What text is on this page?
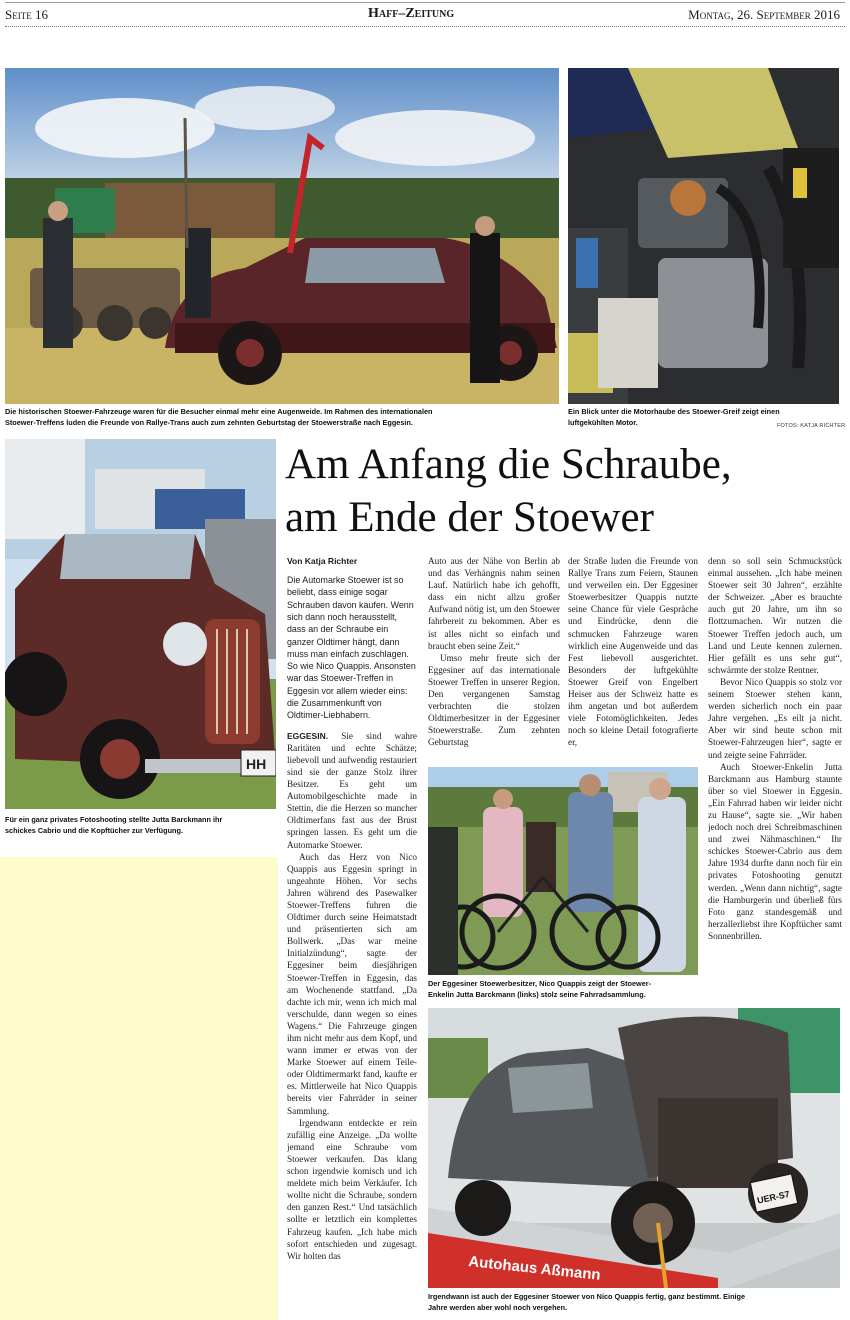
Seite 16	Haff–Zeitung	Montag, 26. September 2016
Die historischen Stoewer-Fahrzeuge waren für die Besucher einmal mehr eine Augenweide. Im Rahmen des internationalen
Stoewer-Treffens luden die Freunde von Rallye-Trans auch zum zehnten Geburtstag der Stoewerstraße nach Eggesin.
Ein Blick unter die Motorhaube des Stoewer-Greif zeigt einen
luftgekühlten Motor.	FOTOS: KATJA RICHTER
HH
Für ein ganz privates Fotoshooting stellte Jutta Barckmann ihr
schickes Cabrio und die Kopftücher zur Verfügung.
Am Anfang die Schraube,
am Ende der Stoewer

Von Katja Richter

Die Automarke Stoewer ist so beliebt, dass einige sogar Schrauben davon kaufen. Wenn sich dann noch herausstellt, dass an der Schraube ein ganzer Oldtimer hängt, dann muss man einfach zuschlagen. So wie Nico Quappis. Ansonsten war das Stoewer-Treffen in Eggesin vor allem wieder eins: die Zusammenkunft von Oldtimer-Liebhabern.

EGGESIN. Sie sind wahre Raritäten und echte Schätze; liebevoll und aufwendig restauriert sind sie der ganze Stolz ihrer Besitzer. Es geht um Automobilgeschichte made in Stettin, die die Herzen so mancher Oldtimerfans fast aus der Brust springen lassen. Es geht um die Automarke Stoewer.

Auch das Herz von Nico Quappis aus Eggesin springt in ungeahnte Höhen. Vor sechs Jahren während des Pasewalker Stoewer-Treffens fuhren die Oldtimer durch seine Heimatstadt und präsentierten sich am Bollwerk. „Das war meine Initialzündung“, sagte der Eggesiner beim diesjährigen Stoewer-Treffen in Eggesin, das am Wochenende stattfand. „Da dachte ich mir, wenn ich mich mal verschulde, dann wegen so eines Wagens.“ Die Fahrzeuge gingen ihm nicht mehr aus dem Kopf, und wann immer er etwas von der Marke Stoewer auf einem Teile- oder Oldtimermarkt fand, kaufte er es. Mittlerweile hat Nico Quappis bereits vier Fahrräder in seiner Sammlung.

Irgendwann entdeckte er rein zufällig eine Anzeige. „Da wollte jemand eine Schraube vom Stoewer verkaufen. Das klang schon irgendwie komisch und ich meldete mich beim Verkäufer. Ich wollte nicht die Schraube, sondern den ganzen Rest.“ Und tatsächlich sollte er letztlich ein komplettes Fahrzeug kaufen. „Ich habe mich sofort entschieden und zugesagt. Wir holten das

Auto aus der Nähe von Berlin ab und das Verhängnis nahm seinen Lauf. Natürlich habe ich gehofft, dass ein nicht allzu großer Aufwand nötig ist, um den Stoewer fahrbereit zu bekommen. Aber es ist alles nicht so einfach und braucht eben seine Zeit.“

Umso mehr freute sich der Eggesiner auf das internationale Stoewer Treffen in unserer Region. Den vergangenen Samstag verbrachten die stolzen Oldtimerbesitzer in der Eggesiner Stoewerstraße. Zum zehnten Geburtstag

der Straße luden die Freunde von Rallye Trans zum Feiern, Staunen und verweilen ein. Der Eggesiner Stoewerbesitzer Quappis nutzte seine Chance für viele Gespräche und Eindrücke, denn die schmucken Fahrzeuge waren wirklich eine Augenweide und das Fest liebevoll ausgerichtet. Besonders der luftgekühlte Stoewer Greif von Engelbert Heiser aus der Schweiz hatte es ihm angetan und bot außerdem viele Fotomöglichkeiten. Jedes noch so kleine Detail fotografierte er,

denn so soll sein Schmuckstück einmal aussehen. „Ich habe meinen Stoewer seit 30 Jahren“, erzählte der Schweizer. „Aber es brauchte auch gut 20 Jahre, um ihn so flottzumachen. Wir nutzen die Stoewer Treffen jedoch auch, um Land und Leute kennen zulernen. Hier gefällt es uns sehr gut“, schwärmte der stolze Rentner.

Bevor Nico Quappis so stolz vor seinem Stoewer stehen kann, werden sicherlich noch ein paar Jahre vergehen. „Es eilt ja nicht. Aber wir sind heute schon mit Stoewer-Fahrzeugen hier“, sagte er und zeigte seine Fahrräder.

Auch Stoewer-Enkelin Jutta Barckmann aus Hamburg staunte über so viel Stoewer in Eggesin. „Ein Fahrrad haben wir leider nicht zu Hause“, sagte sie. „Wir haben jedoch noch drei Schreibmaschinen und zwei Nähmaschinen.“ Ihr schickes Stoewer-Cabrio aus dem Jahre 1934 durfte dann noch für ein privates Fotoshooting genutzt werden. „Wenn dann nichtig“, sagte die Hamburgerin und überließ fürs Foto ganz standesgemäß und herzallerliebst ihre Kopftücher samt Sonnenbrillen.

Der Eggesiner Stoewerbesitzer, Nico Quappis zeigt der Stoewer-
Enkelin Jutta Barckmann (links) stolz seine Fahrradsammlung.
Autohaus Aßmann
UER-S7
Irgendwann ist auch der Eggesiner Stoewer von Nico Quappis fertig, ganz bestimmt. Einige
Jahre werden aber wohl noch vergehen.
